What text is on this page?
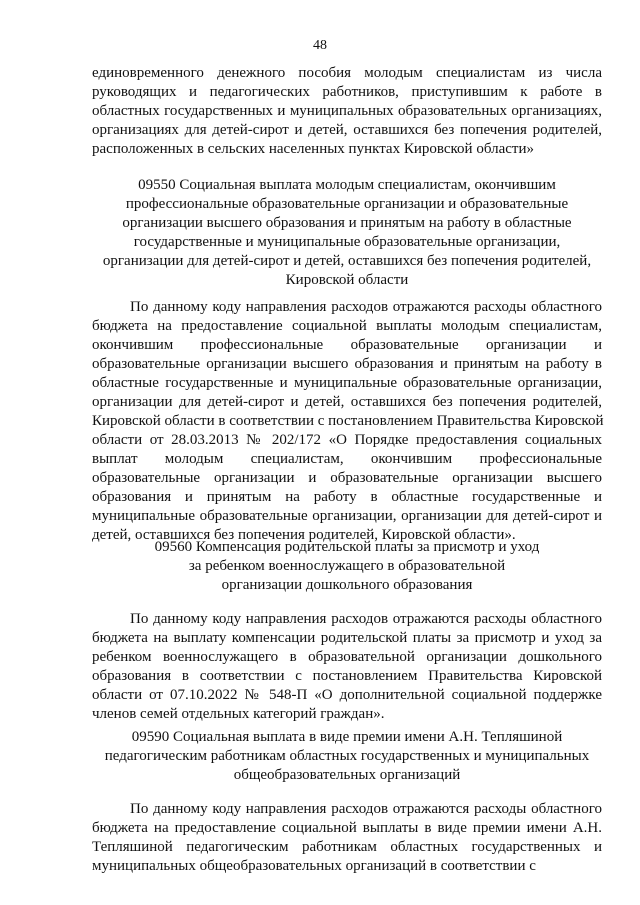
48
единовременного денежного пособия молодым специалистам из числа
руководящих и педагогических работников, приступившим к работе в
областных государственных и муниципальных образовательных организациях,
организациях для детей-сирот и детей, оставшихся без попечения родителей,
расположенных в сельских населенных пунктах Кировской области»
09550 Социальная выплата молодым специалистам, окончившим
профессиональные образовательные организации и образовательные
организации высшего образования и принятым на работу в областные
государственные и муниципальные образовательные организации,
организации для детей-сирот и детей, оставшихся без попечения родителей,
Кировской области
По данному коду направления расходов отражаются расходы областного
бюджета на предоставление социальной выплаты молодым специалистам,
окончившим профессиональные образовательные организации и
образовательные организации высшего образования и принятым на работу в
областные государственные и муниципальные образовательные организации,
организации для детей-сирот и детей, оставшихся без попечения родителей,
Кировской области в соответствии с постановлением Правительства Кировской
области от 28.03.2013 № 202/172 «О Порядке предоставления социальных
выплат молодым специалистам, окончившим профессиональные
образовательные организации и образовательные организации высшего
образования и принятым на работу в областные государственные и
муниципальные образовательные организации, организации для детей-сирот и
детей, оставшихся без попечения родителей, Кировской области».
09560 Компенсация родительской платы за присмотр и уход
за ребенком военнослужащего в образовательной
организации дошкольного образования
По данному коду направления расходов отражаются расходы областного
бюджета на выплату компенсации родительской платы за присмотр и уход за
ребенком военнослужащего в образовательной организации дошкольного
образования в соответствии с постановлением Правительства Кировской
области от 07.10.2022 № 548-П «О дополнительной социальной поддержке
членов семей отдельных категорий граждан».
09590 Социальная выплата в виде премии имени А.Н. Тепляшиной
педагогическим работникам областных государственных и муниципальных
общеобразовательных организаций
По данному коду направления расходов отражаются расходы областного
бюджета на предоставление социальной выплаты в виде премии имени А.Н.
Тепляшиной педагогическим работникам областных государственных и
муниципальных общеобразовательных организаций в соответствии с
